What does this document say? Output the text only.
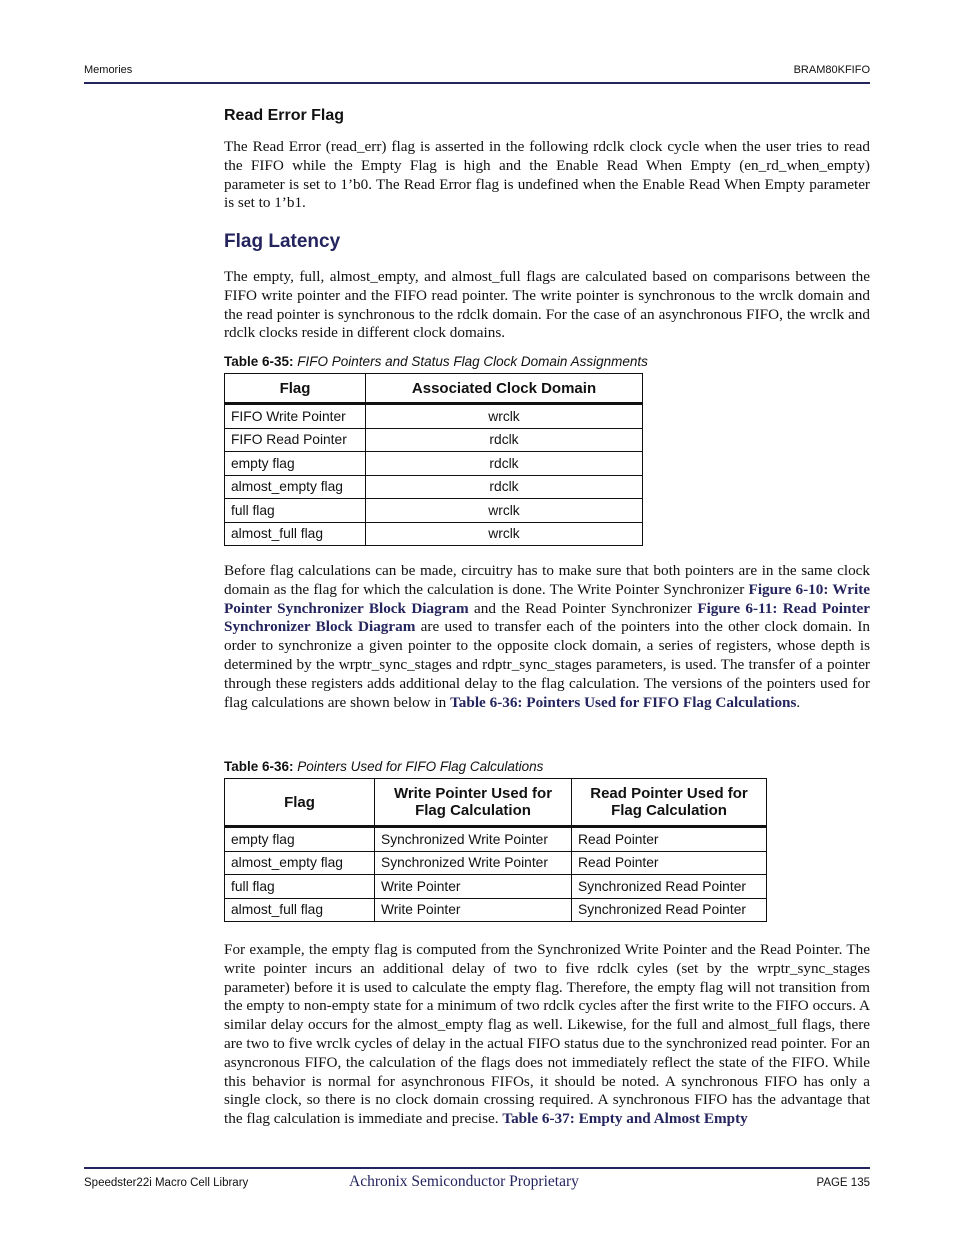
Memories	BRAM80KFIFO
Read Error Flag

The Read Error (read_err) flag is asserted in the following rdclk clock cycle when the user tries to read the FIFO while the Empty Flag is high and the Enable Read When Empty (en_rd_when_empty) parameter is set to 1’b0. The Read Error flag is undefined when the Enable Read When Empty parameter is set to 1’b1.

Flag Latency

The empty, full, almost_empty, and almost_full flags are calculated based on comparisons between the FIFO write pointer and the FIFO read pointer. The write pointer is synchronous to the wrclk domain and the read pointer is synchronous to the rdclk domain. For the case of an asynchronous FIFO, the wrclk and rdclk clocks reside in different clock domains.

Table 6-35: FIFO Pointers and Status Flag Clock Domain Assignments
Flag	Associated Clock Domain
FIFO Write Pointer	wrclk
FIFO Read Pointer	rdclk
empty flag	rdclk
almost_empty flag	rdclk
full flag	wrclk
almost_full flag	wrclk

Before flag calculations can be made, circuitry has to make sure that both pointers are in the same clock domain as the flag for which the calculation is done. The Write Pointer Synchronizer Figure 6-10: Write Pointer Synchronizer Block Diagram and the Read Pointer Synchronizer Figure 6-11: Read Pointer Synchronizer Block Diagram are used to transfer each of the pointers into the other clock domain. In order to synchronize a given pointer to the opposite clock domain, a series of registers, whose depth is determined by the wrptr_sync_stages and rdptr_sync_stages parameters, is used. The transfer of a pointer through these registers adds additional delay to the flag calculation. The versions of the pointers used for flag calculations are shown below in Table 6-36: Pointers Used for FIFO Flag Calculations.

Table 6-36: Pointers Used for FIFO Flag Calculations
Flag	Write Pointer Used for Flag Calculation	Read Pointer Used for Flag Calculation
empty flag	Synchronized Write Pointer	Read Pointer
almost_empty flag	Synchronized Write Pointer	Read Pointer
full flag	Write Pointer	Synchronized Read Pointer
almost_full flag	Write Pointer	Synchronized Read Pointer

For example, the empty flag is computed from the Synchronized Write Pointer and the Read Pointer. The write pointer incurs an additional delay of two to five rdclk cyles (set by the wrptr_sync_stages parameter) before it is used to calculate the empty flag. Therefore, the empty flag will not transition from the empty to non-empty state for a minimum of two rdclk cycles after the first write to the FIFO occurs. A similar delay occurs for the almost_empty flag as well. Likewise, for the full and almost_full flags, there are two to five wrclk cycles of delay in the actual FIFO status due to the synchronized read pointer. For an asyncronous FIFO, the calculation of the flags does not immediately reflect the state of the FIFO. While this behavior is normal for asynchronous FIFOs, it should be noted. A synchronous FIFO has only a single clock, so there is no clock domain crossing required. A synchronous FIFO has the advantage that the flag calculation is immediate and precise. Table 6-37: Empty and Almost Empty

Speedster22i Macro Cell Library	Achronix Semiconductor Proprietary	PAGE 135
